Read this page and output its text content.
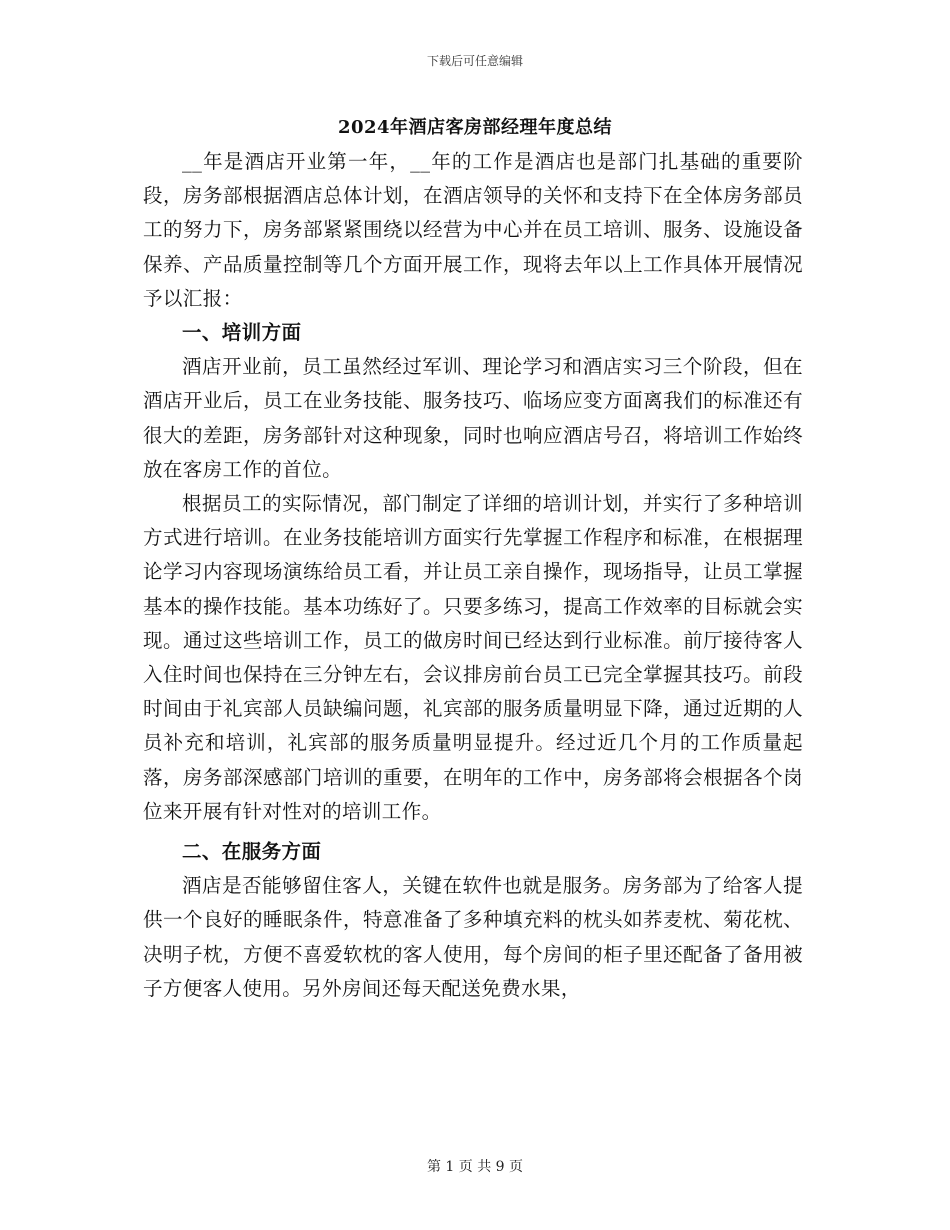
下载后可任意编辑
2024年酒店客房部经理年度总结

__年是酒店开业第一年，__年的工作是酒店也是部门扎基础的重要阶段，房务部根据酒店总体计划，在酒店领导的关怀和支持下在全体房务部员工的努力下，房务部紧紧围绕以经营为中心并在员工培训、服务、设施设备保养、产品质量控制等几个方面开展工作，现将去年以上工作具体开展情况予以汇报：

一、培训方面

酒店开业前，员工虽然经过军训、理论学习和酒店实习三个阶段，但在酒店开业后，员工在业务技能、服务技巧、临场应变方面离我们的标准还有很大的差距，房务部针对这种现象，同时也响应酒店号召，将培训工作始终放在客房工作的首位。

根据员工的实际情况，部门制定了详细的培训计划，并实行了多种培训方式进行培训。在业务技能培训方面实行先掌握工作程序和标准，在根据理论学习内容现场演练给员工看，并让员工亲自操作，现场指导，让员工掌握基本的操作技能。基本功练好了。只要多练习，提高工作效率的目标就会实现。通过这些培训工作，员工的做房时间已经达到行业标准。前厅接待客人入住时间也保持在三分钟左右，会议排房前台员工已完全掌握其技巧。前段时间由于礼宾部人员缺编问题，礼宾部的服务质量明显下降，通过近期的人员补充和培训，礼宾部的服务质量明显提升。经过近几个月的工作质量起落，房务部深感部门培训的重要，在明年的工作中，房务部将会根据各个岗位来开展有针对性对的培训工作。

二、在服务方面

酒店是否能够留住客人，关键在软件也就是服务。房务部为了给客人提供一个良好的睡眠条件，特意准备了多种填充料的枕头如荞麦枕、菊花枕、决明子枕，方便不喜爱软枕的客人使用，每个房间的柜子里还配备了备用被子方便客人使用。另外房间还每天配送免费水果，

第 1 页 共 9 页
